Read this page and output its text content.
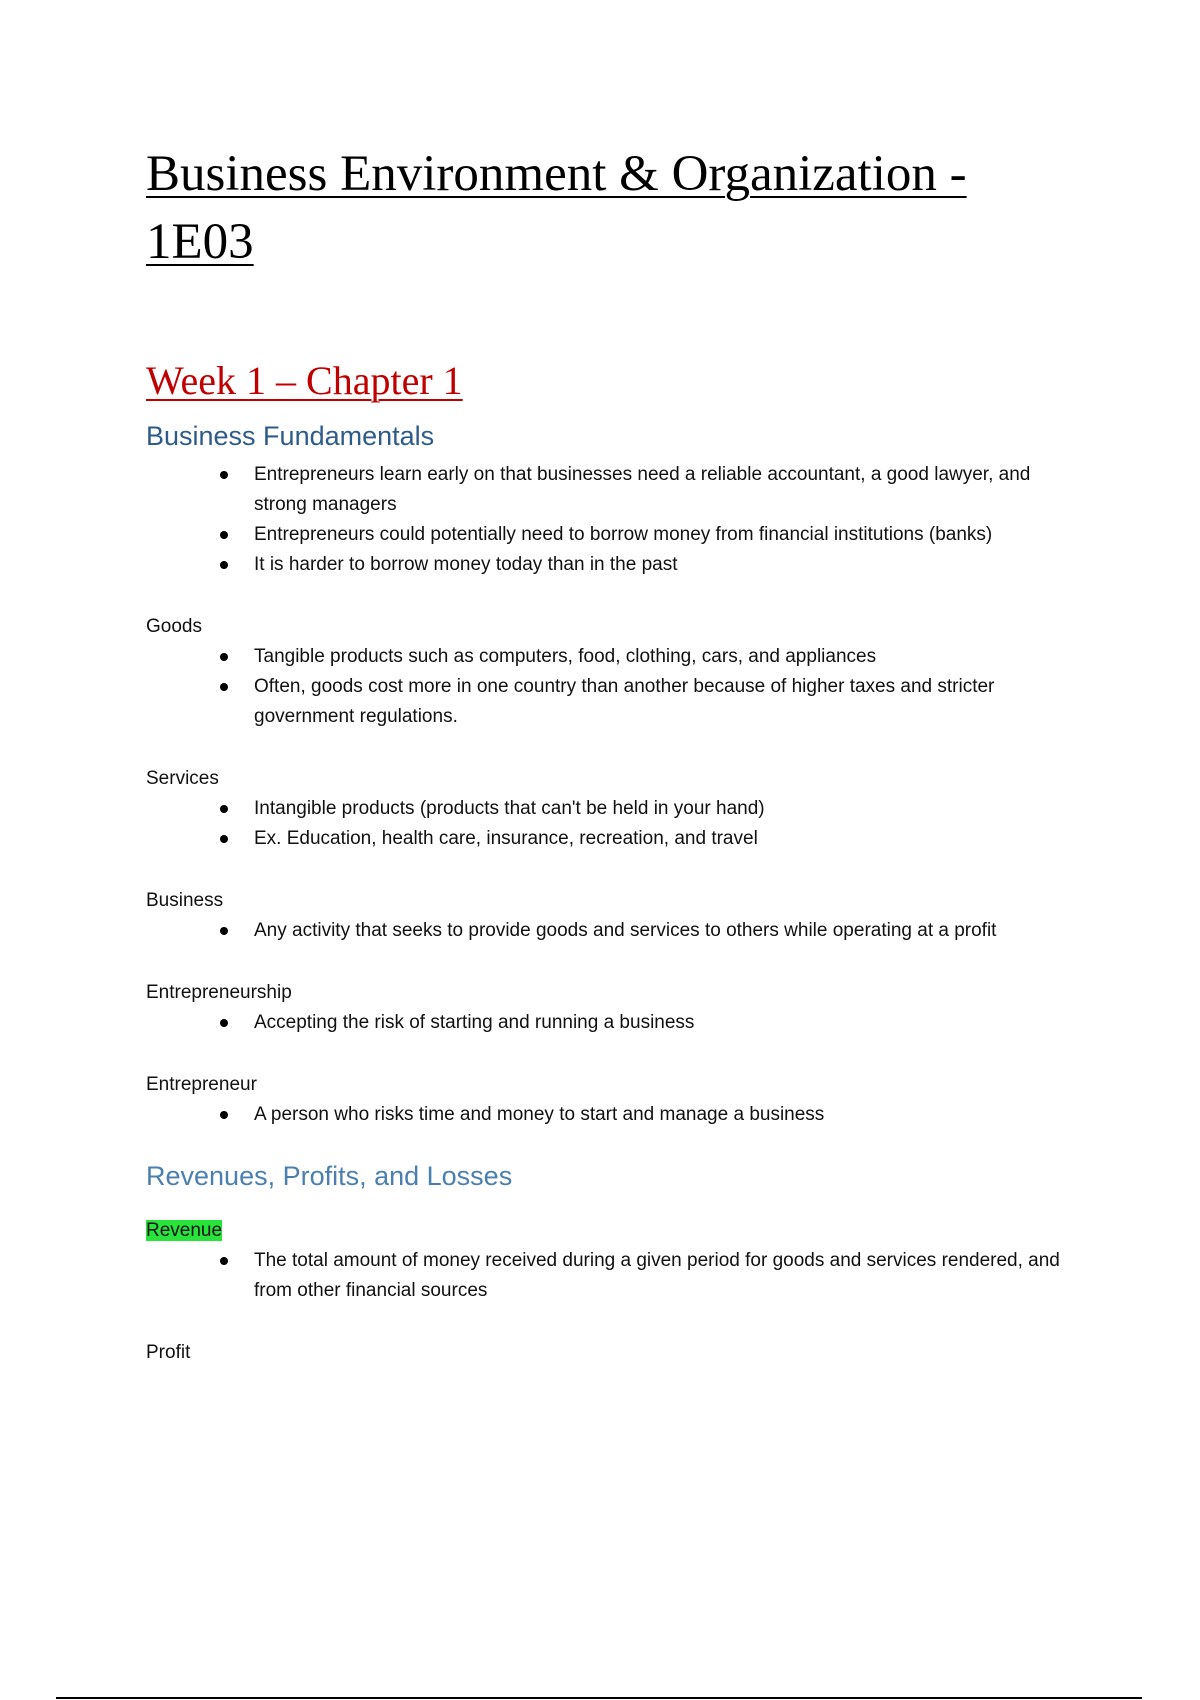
Business Environment & Organization - 1E03
Week 1 – Chapter 1
Business Fundamentals
Entrepreneurs learn early on that businesses need a reliable accountant, a good lawyer, and strong managers
Entrepreneurs could potentially need to borrow money from financial institutions (banks)
It is harder to borrow money today than in the past

Goods

Tangible products such as computers, food, clothing, cars, and appliances
Often, goods cost more in one country than another because of higher taxes and stricter government regulations.

Services

Intangible products (products that can't be held in your hand)
Ex. Education, health care, insurance, recreation, and travel

Business

Any activity that seeks to provide goods and services to others while operating at a profit

Entrepreneurship

Accepting the risk of starting and running a business

Entrepreneur

A person who risks time and money to start and manage a business
Revenues, Profits, and Losses

Revenue

The total amount of money received during a given period for goods and services rendered, and from other financial sources

Profit
